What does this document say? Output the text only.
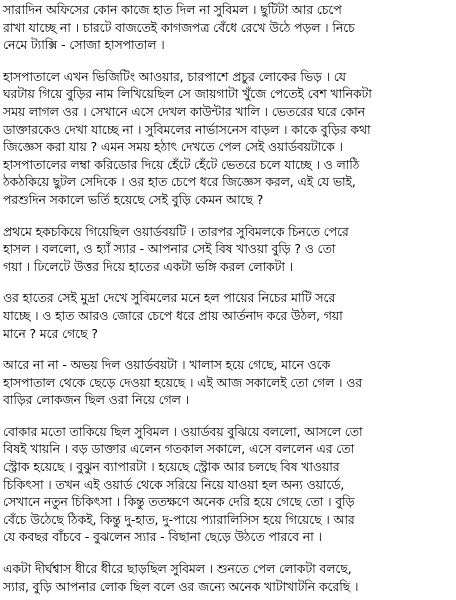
সারাদিন অফিসের কোন কাজে হাত দিল না সুবিমল । ছুটিটা আর চেপে
রাখা যাচ্ছে না । চারটে বাজতেই কাগজপত্র বেঁধে রেখে উঠে পড়ল । নিচে
নেমে ট্যাক্সি - সোজা হাসপাতাল ।
হাসপাতালে এখন ভিজিটিং আওয়ার, চারপাশে প্রচুর লোকের ভিড় । যে
ঘরটায় গিয়ে বুড়ির নাম লিখিয়েছিল সে জায়গাটা খুঁজে পেতেই বেশ খানিকটা
সময় লাগল ওর । সেখানে এসে দেখল কাউন্টার খালি । ভেতরের ঘরে কোন
ডাক্তারকেও দেখা যাচ্ছে না । সুবিমলের নার্ভাসনেস বাড়ল । কাকে বুড়ির কথা
জিজ্ঞেস করা যায় ? এমন সময় হঠাৎ দেখতে পেল সেই ওয়ার্ডবয়টাকে ।
হাসপাতালের লম্বা করিডোর দিয়ে হেঁটে হেঁটে ভেতরে চলে যাচ্ছে । ও লাঠি
ঠকঠকিয়ে ছুটল সেদিকে । ওর হাত চেপে ধরে জিজ্ঞেস করল, এই যে ভাই,
পরশুদিন সকালে ভর্তি হয়েছে সেই বুড়ি কেমন আছে ?
প্রথমে হকচকিয়ে গিয়েছিল ওয়ার্ডবয়টি । তারপর সুবিমলকে চিনতে পেরে
হাসল । বললো, ও হ্যাঁ স্যার - আপনার সেই বিষ খাওয়া বুড়ি ? ও তো
গয়া । ঢিলেটে উত্তর দিয়ে হাতের একটা ভঙ্গি করল লোকটা ।
ওর হাতের সেই মুদ্রা দেখে সুবিমলের মনে হল পায়ের নিচের মাটি সরে
যাচ্ছে । ও হাত আরও জোরে চেপে ধরে প্রায় আর্তনাদ করে উঠল, গয়া
মানে ? মরে গেছে ?
আরে না না - অভয় দিল ওয়ার্ডবয়টা । খালাস হয়ে গেছে, মানে ওকে
হাসপাতাল থেকে ছেড়ে দেওয়া হয়েছে । এই আজ সকালেই তো গেল । ওর
বাড়ির লোকজন ছিল ওরা নিয়ে গেল ।
বোকার মতো তাকিয়ে ছিল সুবিমল । ওয়ার্ডবয় বুঝিয়ে বললো, আসলে তো
বিষই খায়নি । বড় ডাক্তার এলেন গতকাল সকালে, এসে বললেন এর তো
স্ট্রোক হয়েছে । বুঝুন ব্যাপারটা । হয়েছে স্ট্রোক আর চলছে বিষ খাওয়ার
চিকিৎসা । তখন এই ওয়ার্ড থেকে সরিয়ে নিয়ে যাওয়া হল অন্য ওয়ার্ডে,
সেখানে নতুন চিকিৎসা । কিন্তু ততক্ষণে অনেক দেরি হয়ে গেছে তো । বুড়ি
বেঁচে উঠেছে ঠিকই, কিন্তু দু-হাত, দু-পায়ে প্যারালিসিস হয়ে গিয়েছে । আর
যে কবছর বাঁচবে - বুঝলেন স্যার - বিছানা ছেড়ে উঠতে পারবে না ।
একটা দীর্ঘশ্বাস ধীরে ধীরে ছাড়ছিল সুবিমল । শুনতে পেল লোকটা বলছে,
স্যার, বুড়ি আপনার লোক ছিল বলে ওর জন্যে অনেক খাটাখাটনি করেছি ।
